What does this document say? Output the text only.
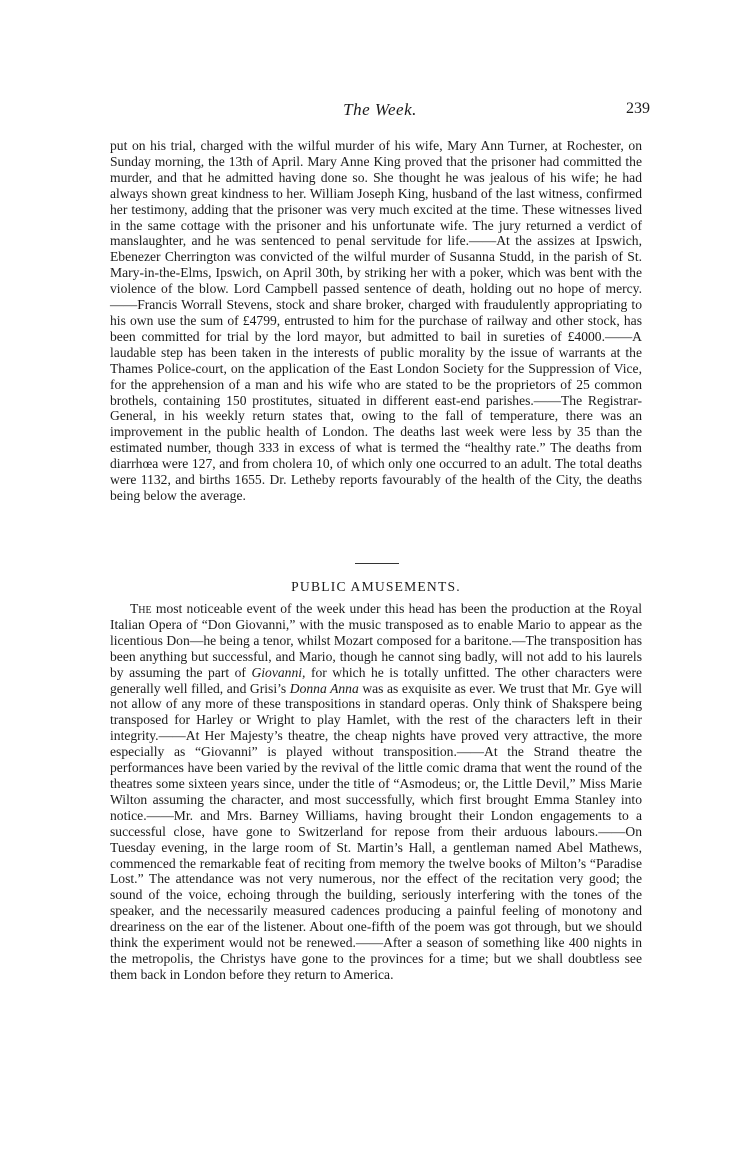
The Week.	239

put on his trial, charged with the wilful murder of his wife, Mary Ann Turner, at Rochester, on Sunday morning, the 13th of April. Mary Anne King proved that the prisoner had committed the murder, and that he admitted having done so. She thought he was jealous of his wife; he had always shown great kindness to her. William Joseph King, husband of the last witness, confirmed her testimony, adding that the prisoner was very much excited at the time. These witnesses lived in the same cottage with the prisoner and his unfortunate wife. The jury returned a verdict of manslaughter, and he was sentenced to penal servitude for life.——At the assizes at Ipswich, Ebenezer Cherrington was convicted of the wilful murder of Susanna Studd, in the parish of St. Mary-in-the-Elms, Ipswich, on April 30th, by striking her with a poker, which was bent with the violence of the blow. Lord Campbell passed sentence of death, holding out no hope of mercy.——Francis Worrall Stevens, stock and share broker, charged with fraudulently appropriating to his own use the sum of £4799, entrusted to him for the purchase of railway and other stock, has been committed for trial by the lord mayor, but admitted to bail in sureties of £4000.——A laudable step has been taken in the interests of public morality by the issue of warrants at the Thames Police-court, on the application of the East London Society for the Suppression of Vice, for the apprehension of a man and his wife who are stated to be the proprietors of 25 common brothels, containing 150 prostitutes, situated in different east-end parishes.——The Registrar-General, in his weekly return states that, owing to the fall of temperature, there was an improvement in the public health of London. The deaths last week were less by 35 than the estimated number, though 333 in excess of what is termed the “healthy rate.” The deaths from diarrhœa were 127, and from cholera 10, of which only one occurred to an adult. The total deaths were 1132, and births 1655. Dr. Letheby reports favourably of the health of the City, the deaths being below the average.

PUBLIC AMUSEMENTS.

The most noticeable event of the week under this head has been the production at the Royal Italian Opera of “Don Giovanni,” with the music transposed as to enable Mario to appear as the licentious Don—he being a tenor, whilst Mozart composed for a baritone.—The transposition has been anything but successful, and Mario, though he cannot sing badly, will not add to his laurels by assuming the part of Giovanni, for which he is totally unfitted. The other characters were generally well filled, and Grisi’s Donna Anna was as exquisite as ever. We trust that Mr. Gye will not allow of any more of these transpositions in standard operas. Only think of Shakspere being transposed for Harley or Wright to play Hamlet, with the rest of the characters left in their integrity.——At Her Majesty’s theatre, the cheap nights have proved very attractive, the more especially as “Giovanni” is played without transposition.——At the Strand theatre the performances have been varied by the revival of the little comic drama that went the round of the theatres some sixteen years since, under the title of “Asmodeus; or, the Little Devil,” Miss Marie Wilton assuming the character, and most successfully, which first brought Emma Stanley into notice.——Mr. and Mrs. Barney Williams, having brought their London engagements to a successful close, have gone to Switzerland for repose from their arduous labours.——On Tuesday evening, in the large room of St. Martin’s Hall, a gentleman named Abel Mathews, commenced the remarkable feat of reciting from memory the twelve books of Milton’s “Paradise Lost.” The attendance was not very numerous, nor the effect of the recitation very good; the sound of the voice, echoing through the building, seriously interfering with the tones of the speaker, and the necessarily measured cadences producing a painful feeling of monotony and dreariness on the ear of the listener. About one-fifth of the poem was got through, but we should think the experiment would not be renewed.——After a season of something like 400 nights in the metropolis, the Christys have gone to the provinces for a time; but we shall doubtless see them back in London before they return to America.
